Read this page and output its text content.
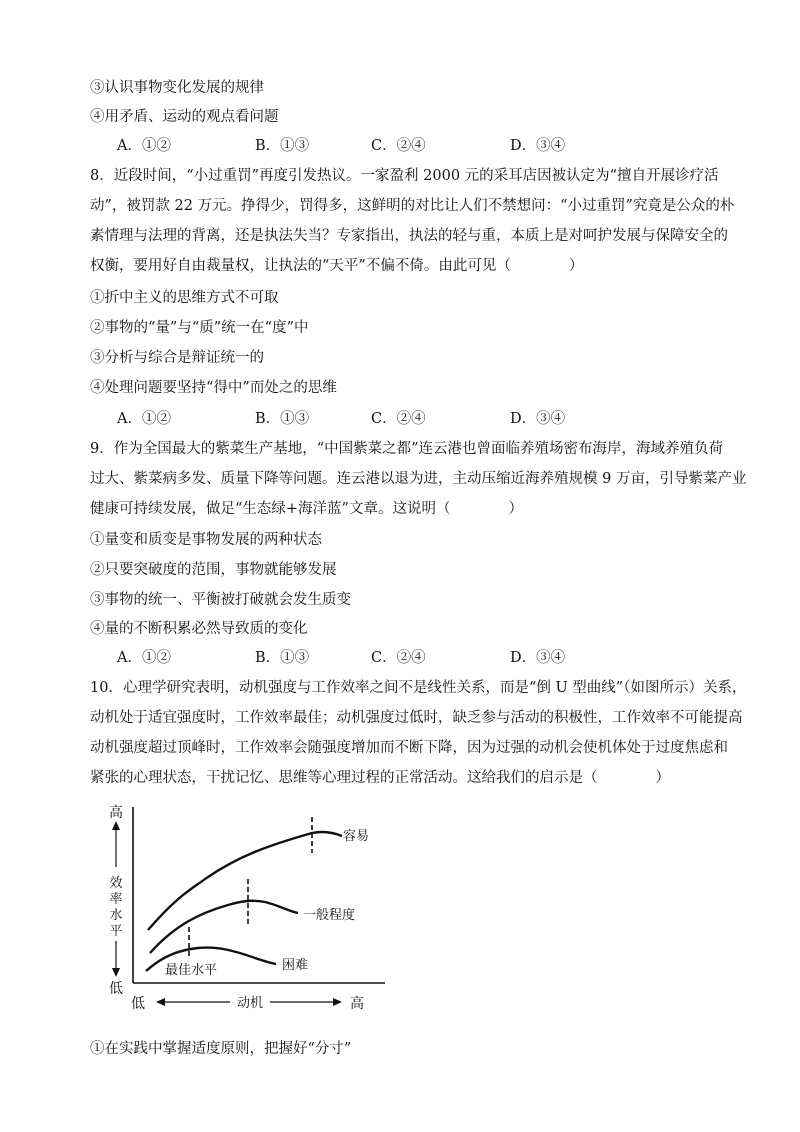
③认识事物变化发展的规律
④用矛盾、运动的观点看问题
A．①②	B．①③	C．②④	D．③④
8．近段时间，“小过重罚”再度引发热议。一家盈利 2000 元的采耳店因被认定为“擅自开展诊疗活
动”，被罚款 22 万元。挣得少，罚得多，这鲜明的对比让人们不禁想问：“小过重罚”究竟是公众的朴
素情理与法理的背离，还是执法失当？专家指出，执法的轻与重，本质上是对呵护发展与保障安全的
权衡，要用好自由裁量权，让执法的“天平”不偏不倚。由此可见（　　　　）
①折中主义的思维方式不可取
②事物的“量”与“质”统一在“度”中
③分析与综合是辩证统一的
④处理问题要坚持“得中”而处之的思维
A．①②	B．①③	C．②④	D．③④
9．作为全国最大的紫菜生产基地，“中国紫菜之都”连云港也曾面临养殖场密布海岸，海域养殖负荷
过大、紫菜病多发、质量下降等问题。连云港以退为进，主动压缩近海养殖规模 9 万亩，引导紫菜产业
健康可持续发展，做足“生态绿+海洋蓝”文章。这说明（　　　　）
①量变和质变是事物发展的两种状态
②只要突破度的范围，事物就能够发展
③事物的统一、平衡被打破就会发生质变
④量的不断积累必然导致质的变化
A．①②	B．①③	C．②④	D．③④
10．心理学研究表明，动机强度与工作效率之间不是线性关系，而是“倒 U 型曲线”（如图所示）关系，
动机处于适宜强度时，工作效率最佳；动机强度过低时，缺乏参与活动的积极性，工作效率不可能提高
动机强度超过顶峰时，工作效率会随强度增加而不断下降，因为过强的动机会使机体处于过度焦虑和
紧张的心理状态，干扰记忆、思维等心理过程的正常活动。这给我们的启示是（　　　　）
高
效
率
水
平
低
低	动机	高
容易
一般程度
困难
最佳水平
①在实践中掌握适度原则，把握好“分寸”
